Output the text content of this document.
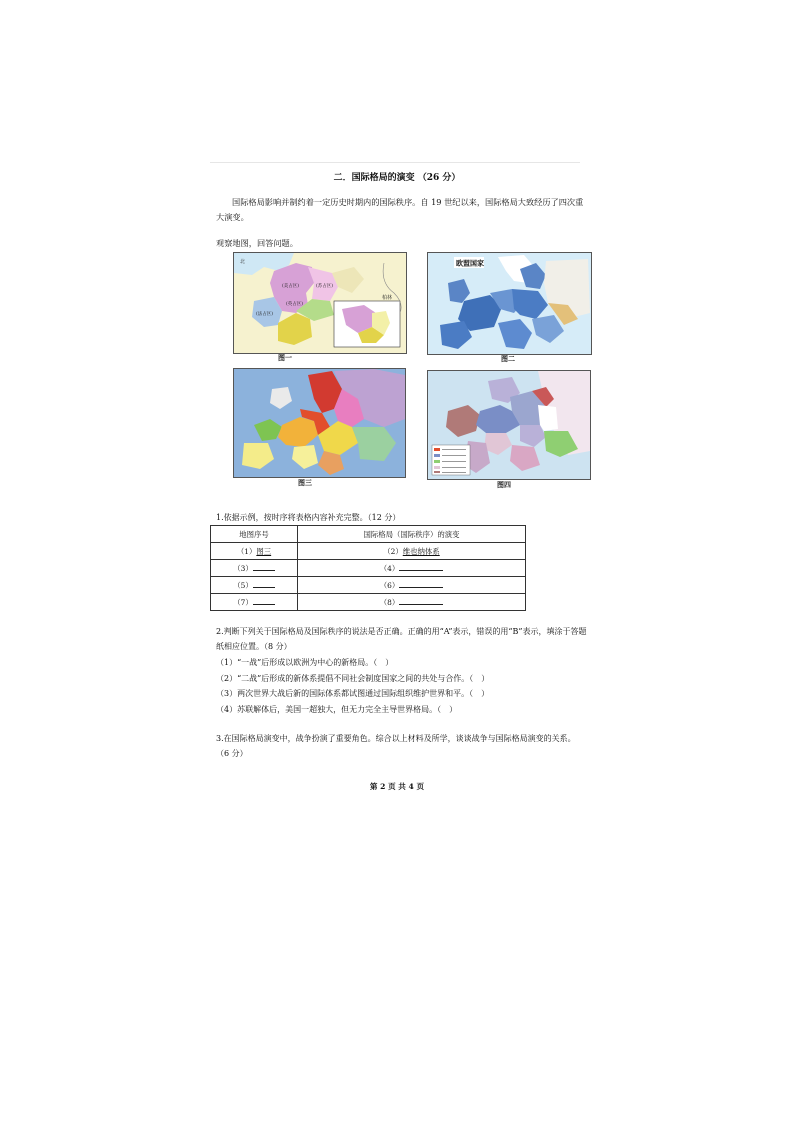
二．国际格局的演变 （26 分）
国际格局影响并制约着一定历史时期内的国际秩序。自 19 世纪以来，国际格局大致经历了四次重大演变。
观察地图，回答问题。
北
(美占区)
(英占区)
(苏占区)
(法占区)
柏林
图一
欧盟国家
图二
图三	图四
1.依据示例，按时序将表格内容补充完整。（12 分）
地图序号	国际格局（国际秩序）的演变
（1）图三	（2）维也纳体系
（3）	（4）
（5）	（6）
（7）	（8）
2.判断下列关于国际格局及国际秩序的说法是否正确。正确的用“A”表示，错误的用“B”表示，填涂于答题纸相应位置。（8 分）
（1）“一战”后形成以欧洲为中心的新格局。（　）
（2）“二战”后形成的新体系提倡不同社会制度国家之间的共处与合作。（　）
（3）两次世界大战后新的国际体系都试图通过国际组织维护世界和平。（　）
（4）苏联解体后，美国一超独大，但无力完全主导世界格局。（　）
3.在国际格局演变中，战争扮演了重要角色。综合以上材料及所学，谈谈战争与国际格局演变的关系。 （6 分）
第 2 页 共 4 页
